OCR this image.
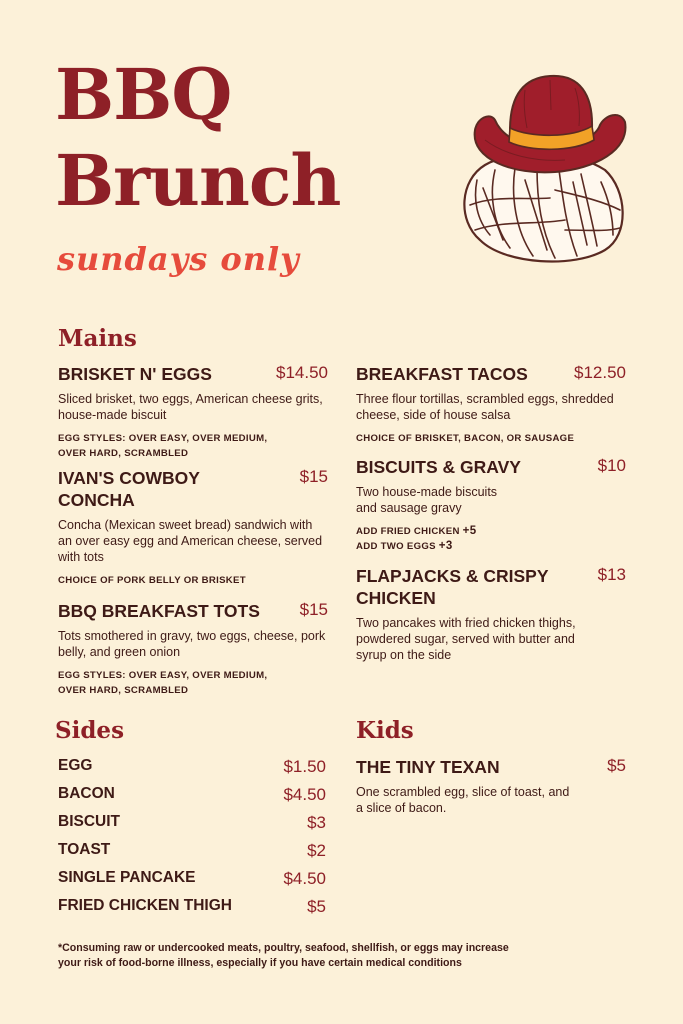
BBQ
Brunch
sundays only
Mains
BRISKET N' EGGS	$14.50
Sliced brisket, two eggs, American cheese grits, house-made biscuit
EGG STYLES: OVER EASY, OVER MEDIUM,
OVER HARD, SCRAMBLED
IVAN'S COWBOY
CONCHA
$15
Concha (Mexican sweet bread) sandwich with an over easy egg and American cheese, served with tots
CHOICE OF PORK BELLY OR BRISKET
BBQ BREAKFAST TOTS	$15
Tots smothered in gravy, two eggs, cheese, pork belly, and green onion
EGG STYLES: OVER EASY, OVER MEDIUM,
OVER HARD, SCRAMBLED
BREAKFAST TACOS	$12.50
Three flour tortillas, scrambled eggs, shredded cheese, side of house salsa
CHOICE OF BRISKET, BACON, OR SAUSAGE
BISCUITS & GRAVY	$10
Two house-made biscuits
and sausage gravy
ADD FRIED CHICKEN +5
ADD TWO EGGS +3
FLAPJACKS & CRISPY
CHICKEN
$13
Two pancakes with fried chicken thighs, powdered sugar, served with butter and syrup on the side
Sides
EGG	$1.50
BACON	$4.50
BISCUIT	$3
TOAST	$2
SINGLE PANCAKE	$4.50
FRIED CHICKEN THIGH	$5
Kids
THE TINY TEXAN	$5
One scrambled egg, slice of toast, and a slice of bacon.
*Consuming raw or undercooked meats, poultry, seafood, shellfish, or eggs may increase
your risk of food-borne illness, especially if you have certain medical conditions
